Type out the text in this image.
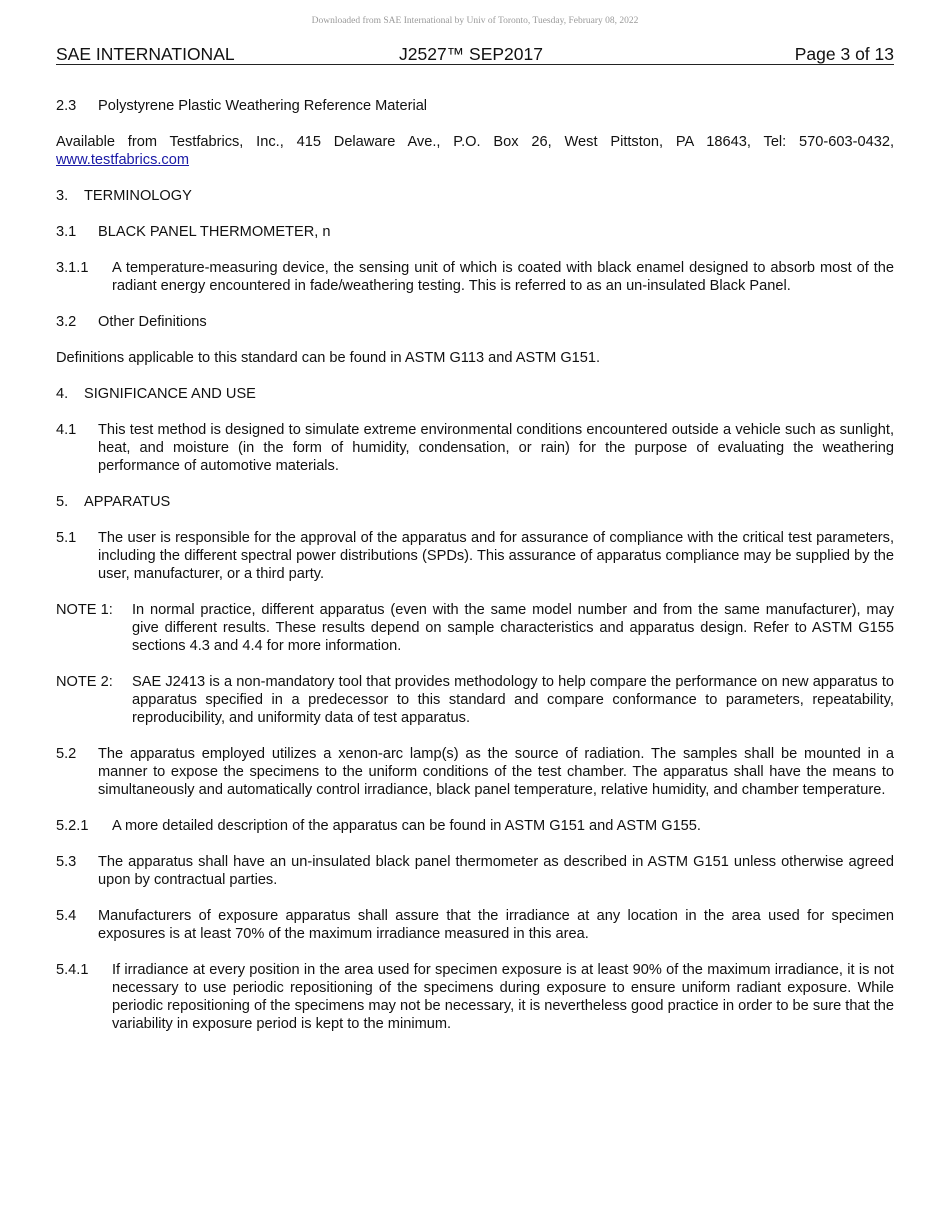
Downloaded from SAE International by Univ of Toronto, Tuesday, February 08, 2022
SAE INTERNATIONAL	J2527™ SEP2017	Page 3 of 13
2.3 Polystyrene Plastic Weathering Reference Material
Available from Testfabrics, Inc., 415 Delaware Ave., P.O. Box 26, West Pittston, PA 18643, Tel: 570-603-0432, www.testfabrics.com
3. TERMINOLOGY
3.1 BLACK PANEL THERMOMETER, n
3.1.1 A temperature-measuring device, the sensing unit of which is coated with black enamel designed to absorb most of the radiant energy encountered in fade/weathering testing. This is referred to as an un-insulated Black Panel.
3.2 Other Definitions
Definitions applicable to this standard can be found in ASTM G113 and ASTM G151.
4. SIGNIFICANCE AND USE
4.1 This test method is designed to simulate extreme environmental conditions encountered outside a vehicle such as sunlight, heat, and moisture (in the form of humidity, condensation, or rain) for the purpose of evaluating the weathering performance of automotive materials.
5. APPARATUS
5.1 The user is responsible for the approval of the apparatus and for assurance of compliance with the critical test parameters, including the different spectral power distributions (SPDs). This assurance of apparatus compliance may be supplied by the user, manufacturer, or a third party.
NOTE 1: In normal practice, different apparatus (even with the same model number and from the same manufacturer), may give different results. These results depend on sample characteristics and apparatus design. Refer to ASTM G155 sections 4.3 and 4.4 for more information.
NOTE 2: SAE J2413 is a non-mandatory tool that provides methodology to help compare the performance on new apparatus to apparatus specified in a predecessor to this standard and compare conformance to parameters, repeatability, reproducibility, and uniformity data of test apparatus.
5.2 The apparatus employed utilizes a xenon-arc lamp(s) as the source of radiation. The samples shall be mounted in a manner to expose the specimens to the uniform conditions of the test chamber. The apparatus shall have the means to simultaneously and automatically control irradiance, black panel temperature, relative humidity, and chamber temperature.
5.2.1 A more detailed description of the apparatus can be found in ASTM G151 and ASTM G155.
5.3 The apparatus shall have an un-insulated black panel thermometer as described in ASTM G151 unless otherwise agreed upon by contractual parties.
5.4 Manufacturers of exposure apparatus shall assure that the irradiance at any location in the area used for specimen exposures is at least 70% of the maximum irradiance measured in this area.
5.4.1 If irradiance at every position in the area used for specimen exposure is at least 90% of the maximum irradiance, it is not necessary to use periodic repositioning of the specimens during exposure to ensure uniform radiant exposure. While periodic repositioning of the specimens may not be necessary, it is nevertheless good practice in order to be sure that the variability in exposure period is kept to the minimum.
